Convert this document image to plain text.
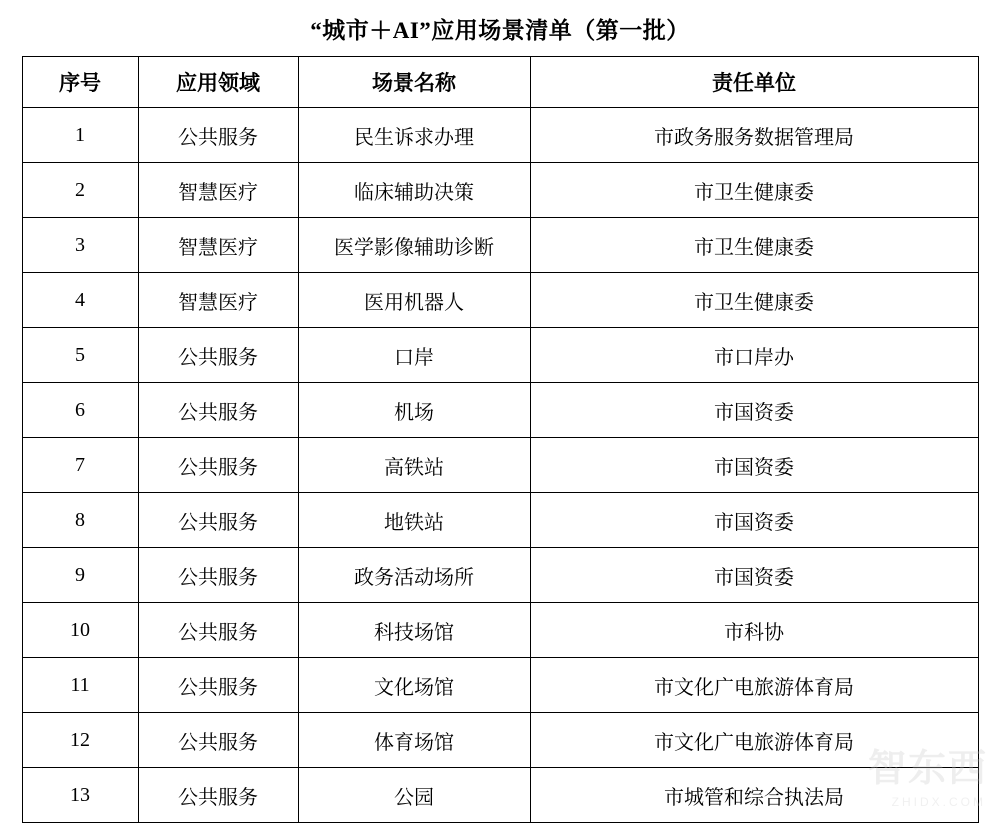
“城市＋AI”应用场景清单（第一批）
序号	应用领域	场景名称	责任单位
1	公共服务	民生诉求办理	市政务服务数据管理局
2	智慧医疗	临床辅助决策	市卫生健康委
3	智慧医疗	医学影像辅助诊断	市卫生健康委
4	智慧医疗	医用机器人	市卫生健康委
5	公共服务	口岸	市口岸办
6	公共服务	机场	市国资委
7	公共服务	高铁站	市国资委
8	公共服务	地铁站	市国资委
9	公共服务	政务活动场所	市国资委
10	公共服务	科技场馆	市科协
11	公共服务	文化场馆	市文化广电旅游体育局
12	公共服务	体育场馆	市文化广电旅游体育局
13	公共服务	公园	市城管和综合执法局
智东西
ZHIDX.COM
